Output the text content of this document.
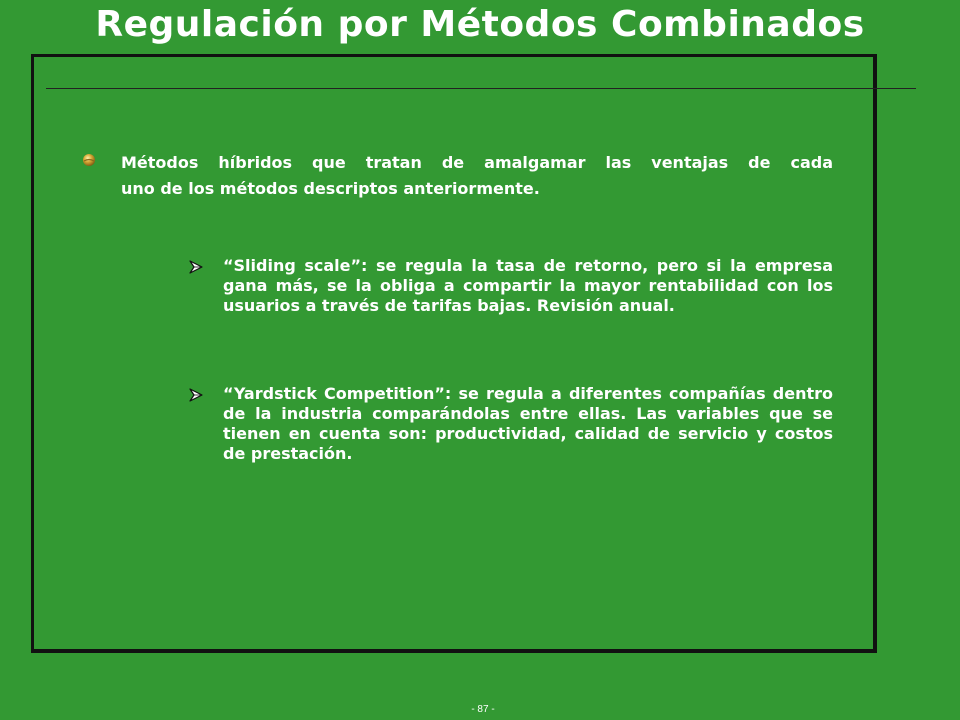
Regulación por Métodos Combinados

Métodos híbridos que tratan de amalgamar las ventajas de cada
uno de los métodos descriptos anteriormente.

“Sliding scale”: se regula la tasa de retorno, pero si la empresa gana más, se la obliga a compartir la mayor rentabilidad con los usuarios a través de tarifas bajas. Revisión anual.

“Yardstick Competition”: se regula a diferentes compañías dentro de la industria comparándolas entre ellas. Las variables que se tienen en cuenta son: productividad, calidad de servicio y costos de prestación.

- 87 -
